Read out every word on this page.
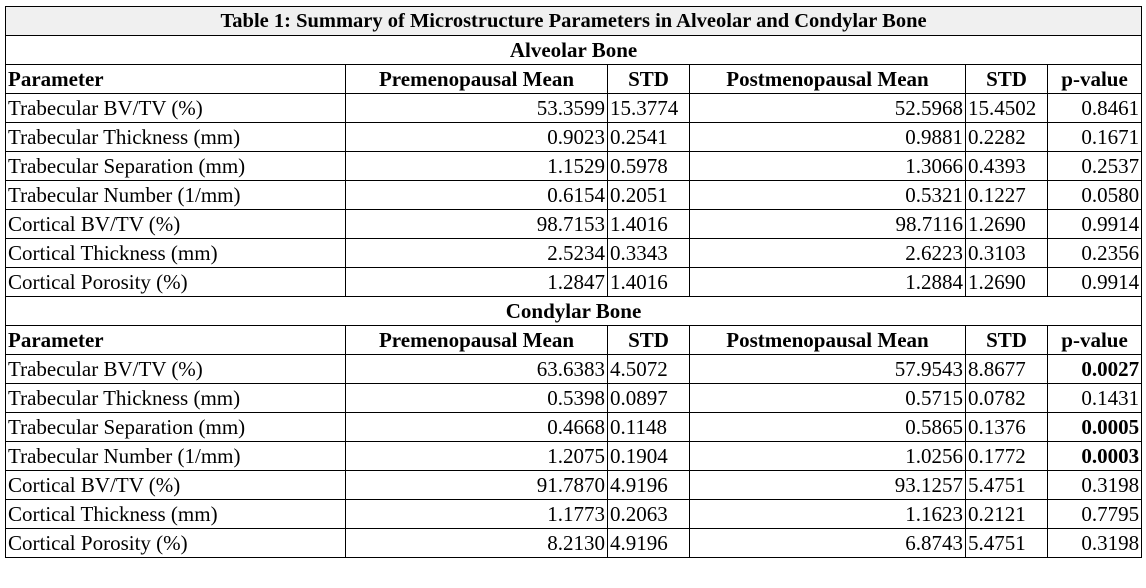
Table 1: Summary of Microstructure Parameters in Alveolar and Condylar Bone					
Alveolar Bone					
Parameter	Premenopausal Mean	STD	Postmenopausal Mean	STD	p-value
Trabecular BV/TV (%)	53.3599	15.3774	52.5968	15.4502	0.8461
Trabecular Thickness (mm)	0.9023	0.2541	0.9881	0.2282	0.1671
Trabecular Separation (mm)	1.1529	0.5978	1.3066	0.4393	0.2537
Trabecular Number (1/mm)	0.6154	0.2051	0.5321	0.1227	0.0580
Cortical BV/TV (%)	98.7153	1.4016	98.7116	1.2690	0.9914
Cortical Thickness (mm)	2.5234	0.3343	2.6223	0.3103	0.2356
Cortical Porosity (%)	1.2847	1.4016	1.2884	1.2690	0.9914
Condylar Bone					
Parameter	Premenopausal Mean	STD	Postmenopausal Mean	STD	p-value
Trabecular BV/TV (%)	63.6383	4.5072	57.9543	8.8677	0.0027
Trabecular Thickness (mm)	0.5398	0.0897	0.5715	0.0782	0.1431
Trabecular Separation (mm)	0.4668	0.1148	0.5865	0.1376	0.0005
Trabecular Number (1/mm)	1.2075	0.1904	1.0256	0.1772	0.0003
Cortical BV/TV (%)	91.7870	4.9196	93.1257	5.4751	0.3198
Cortical Thickness (mm)	1.1773	0.2063	1.1623	0.2121	0.7795
Cortical Porosity (%)	8.2130	4.9196	6.8743	5.4751	0.3198
